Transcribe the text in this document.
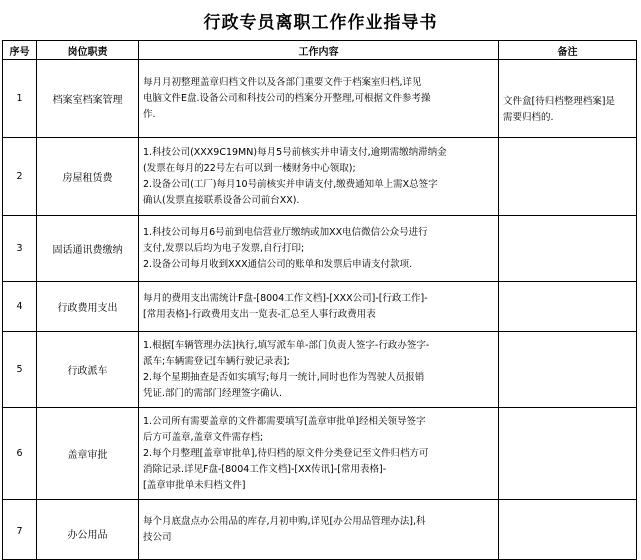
行政专员离职工作作业指导书
序号	岗位职责	工作内容	备注
1	档案室档案管理	每月月初整理盖章归档文件以及各部门重要文件于档案室归档,详见
电脑文件E盘.设备公司和科技公司的档案分开整理,可根据文件参考操
作.	文件盒[待归档整理档案]是
需要归档的.

2	房屋租赁费	1.科技公司(XXX9C19MN)每月5号前核实并申请支付,逾期需缴纳滞纳金
(发票在每月的22号左右可以到一楼财务中心领取);
2.设备公司(工厂)每月10号前核实并申请支付,缴费通知单上需X总签字
确认(发票直接联系设备公司前台XX).	

3	固话通讯费缴纳	1.科技公司每月6号前到电信营业厅缴纳或加XX电信微信公众号进行
支付,发票以后均为电子发票,自行打印;
2.设备公司每月收到XXX通信公司的账单和发票后申请支付款项.	

4	行政费用支出	每月的费用支出需统计F盘-[8004工作文档]-[XXX公司]-[行政工作]-
[常用表格]-行政费用支出一览表-汇总至人事行政费用表	

5	行政派车	1.根据[车辆管理办法]执行,填写派车单-部门负责人签字-行政办签字-
派车;车辆需登记[车辆行驶记录表];
2.每个星期抽查是否如实填写;每月一统计,同时也作为驾驶人员报销
凭证.部门的需部门经理签字确认.	

6	盖章审批	1.公司所有需要盖章的文件都需要填写[盖章审批单]经相关领导签字
后方可盖章,盖章文件需存档;
2.每个月整理[盖章审批单],待归档的原文件分类登记至文件归档方可
消除记录.详见F盘-[8004工作文档]-[XX传讯]-[常用表格]-
[盖章审批单未归档文件]	

7	办公用品	每个月底盘点办公用品的库存,月初申购,详见[办公用品管理办法],科
技公司	
